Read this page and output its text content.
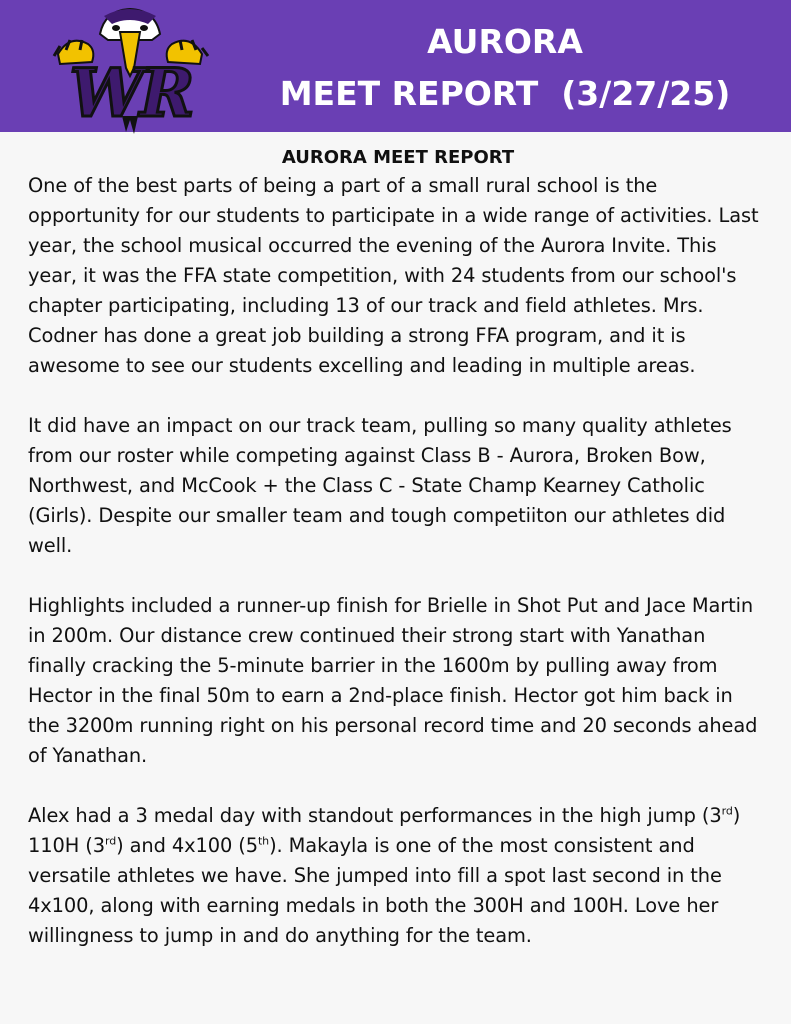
WR
AURORA
MEET REPORT  (3/27/25)
AURORA MEET REPORT

One of the best parts of being a part of a small rural school is the opportunity for our students to participate in a wide range of activities. Last year, the school musical occurred the evening of the Aurora Invite. This year, it was the FFA state competition, with 24 students from our school's chapter participating, including 13 of our track and field athletes. Mrs. Codner has done a great job building a strong FFA program, and it is awesome to see our students excelling and leading in multiple areas.

It did have an impact on our track team, pulling so many quality athletes from our roster while competing against Class B - Aurora, Broken Bow, Northwest, and McCook + the Class C - State Champ Kearney Catholic (Girls). Despite our smaller team and tough competiiton our athletes did well.

Highlights included a runner-up finish for Brielle in Shot Put and Jace Martin in 200m. Our distance crew continued their strong start with Yanathan finally cracking the 5-minute barrier in the 1600m by pulling away from Hector in the final 50m to earn a 2nd-place finish. Hector got him back in the 3200m running right on his personal record time and 20 seconds ahead of Yanathan.

Alex had a 3 medal day with standout performances in the high jump (3rd) 110H (3rd) and 4x100 (5th). Makayla is one of the most consistent and versatile athletes we have. She jumped into fill a spot last second in the 4x100, along with earning medals in both the 300H and 100H. Love her willingness to jump in and do anything for the team.
